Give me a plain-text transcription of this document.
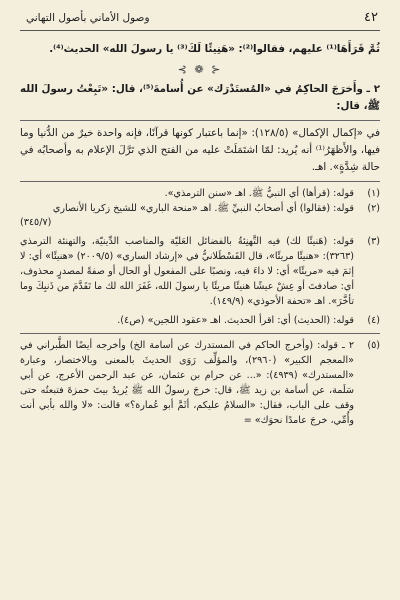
٤٢
وصول الأماني بأصول التهاني

ثُمَّ قَرَأَهَا⁽¹⁾ عليهم، فقالوا⁽²⁾: «هَنِيئًا لَكَ⁽³⁾ يا رسولَ الله» الحديث⁽⁴⁾.

⊰ ❁ ⊱

٢ ـ وأَخرَجَ الحاكِمُ في «المُستَدْرَك» عن أُسامةَ⁽⁵⁾، قال: «تَبِعْتُ رسولَ الله ﷺ، قال:

في «إكمال الإكمال» (١٢٨/٥): «إنما باعتبار كونها قرآنًا، فإنه واحدة خيرٌ من الدُّنيا وما فيها، والأَظهَرُ⁽¹⁾ أنه يُريد: لمّا اشتَمَلَتْ عليه من الفتح الذي تَرَّلَ الإعلام به وأصحابُه في حالة شِدَّةٍ». اهـ.

(١)
قوله: (قرأها) أي النبيُّ ﷺ. اهـ «سنن الترمذي».
(٢)
قوله: (فقالوا) أي أصحابُ النبيِّ ﷺ. اهـ «منحة الباري» للشيخ زكريا الأنصاري
(٣٤٥/٧)
(٣)
قوله: (هَنيئًا لك) فيه التَّهنِئةُ بالفضائل العَليّة والمناصب الدِّينيّة، والتهنئة الترمذي (٣٢٦٣): «هنيئًا مريئًا»، قال القَسْطَلانيُّ في «إرشاد الساري» (٢٠٠٩/٥) «هنيئًا» أي: لا إثمَ فيه «مريئًا» أي: لا داءَ فيه، ونصبًا على المفعول أو الحال أو صفةً لمصدرٍ محذوف، أي: صادفتَ أو عِشْ عيشًا هنيئًا مريئًا يا رسولَ الله، غَفَرَ الله لك ما تَقَدَّمَ من ذَنبِكَ وما تأخَّرَ». اهـ «تحفة الأحوذي» (١٤٩/٩).
(٤)
قوله: (الحديث) أي: اقرأ الحديث. اهـ «عقود اللجين» (ص٤).
(٥)
٢ ـ قوله: (وأخرج الحاكم في المستدرك عن أسامة الخ) وأخرجه أيضًا الطَّبراني في «المعجم الكبير» (٢٩٦٠)، والمؤلِّف رَوَى الحديثَ بالمعنى وبالاختصار، وعبارة «المستدرك» (٤٩٣٩): «... عن حرام بن عثمان، عن عبد الرحمن الأعرج، عن أبي سَلَمة، عن أسامة بن زيد ﷺ، قال: خرجَ رسولُ الله ﷺ يُريدُ بيتَ حمزةَ فتبعتُه حتى وقف على الباب، فقال: «السلامُ عليكم، أثَمَّ أبو عُمارة؟» قالت: «لا والله بأبي أنت وأُمِّي، خرجَ عامدًا نحوَك» =
